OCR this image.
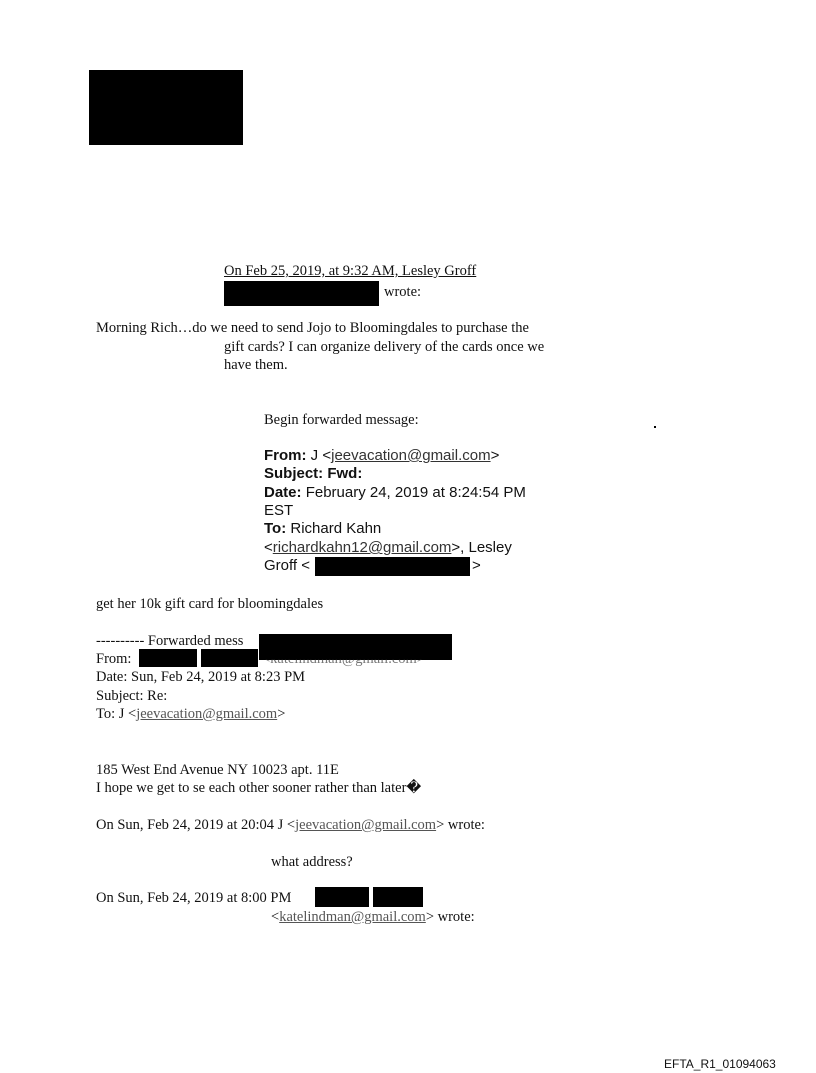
On Feb 25, 2019, at 9:32 AM, Lesley Groff
wrote:
Morning Rich…do we need to send Jojo to Bloomingdales to purchase the
gift cards? I can organize delivery of the cards once we
have them.
Begin forwarded message:
From: J <jeevacation@gmail.com>
Subject: Fwd:
Date: February 24, 2019 at 8:24:54 PM
EST
To: Richard Kahn
<richardkahn12@gmail.com>, Lesley
Groff <	>
get her 10k gift card for bloomingdales
---------- Forwarded mess
From:
Date: Sun, Feb 24, 2019 at 8:23 PM
Subject: Re:
To: J <jeevacation@gmail.com>
185 West End Avenue NY 10023 apt. 11E
I hope we get to se each other sooner rather than later�
On Sun, Feb 24, 2019 at 20:04 J <jeevacation@gmail.com> wrote:
what address?
On Sun, Feb 24, 2019 at 8:00 PM
<katelindman@gmail.com> wrote:
EFTA_R1_01094063
